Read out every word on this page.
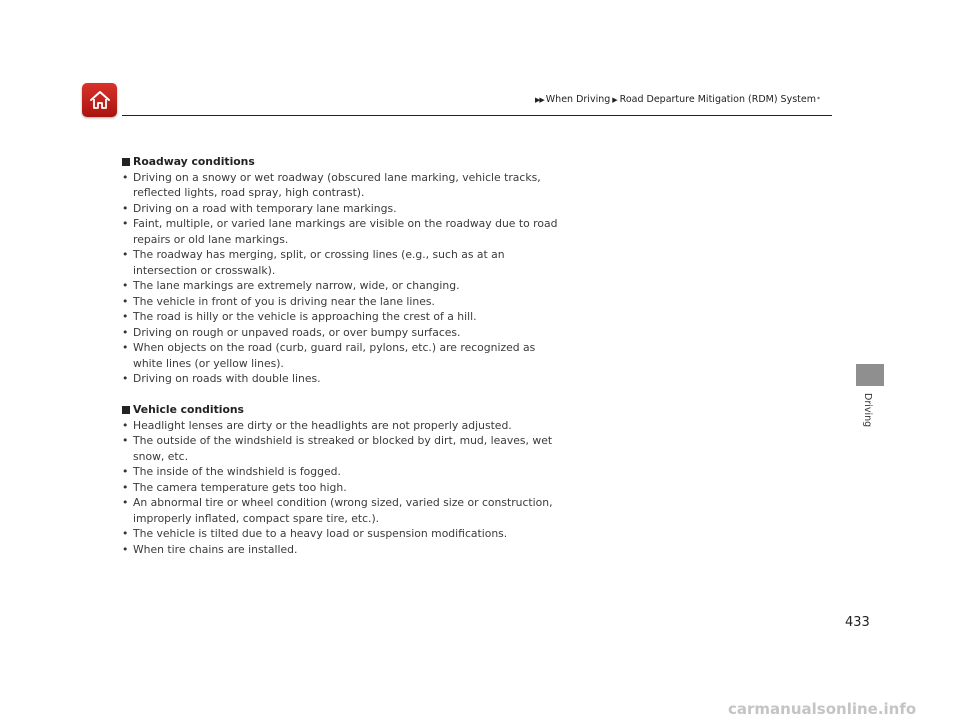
▶▶ When Driving ▶ Road Departure Mitigation (RDM) System *
Roadway conditions
• Driving on a snowy or wet roadway (obscured lane marking, vehicle tracks, reflected lights, road spray, high contrast).
• Driving on a road with temporary lane markings.
• Faint, multiple, or varied lane markings are visible on the roadway due to road repairs or old lane markings.
• The roadway has merging, split, or crossing lines (e.g., such as at an intersection or crosswalk).
• The lane markings are extremely narrow, wide, or changing.
• The vehicle in front of you is driving near the lane lines.
• The road is hilly or the vehicle is approaching the crest of a hill.
• Driving on rough or unpaved roads, or over bumpy surfaces.
• When objects on the road (curb, guard rail, pylons, etc.) are recognized as white lines (or yellow lines).
• Driving on roads with double lines.
Vehicle conditions
• Headlight lenses are dirty or the headlights are not properly adjusted.
• The outside of the windshield is streaked or blocked by dirt, mud, leaves, wet snow, etc.
• The inside of the windshield is fogged.
• The camera temperature gets too high.
• An abnormal tire or wheel condition (wrong sized, varied size or construction, improperly inflated, compact spare tire, etc.).
• The vehicle is tilted due to a heavy load or suspension modifications.
• When tire chains are installed.
Driving
433
carmanualsonline.info
